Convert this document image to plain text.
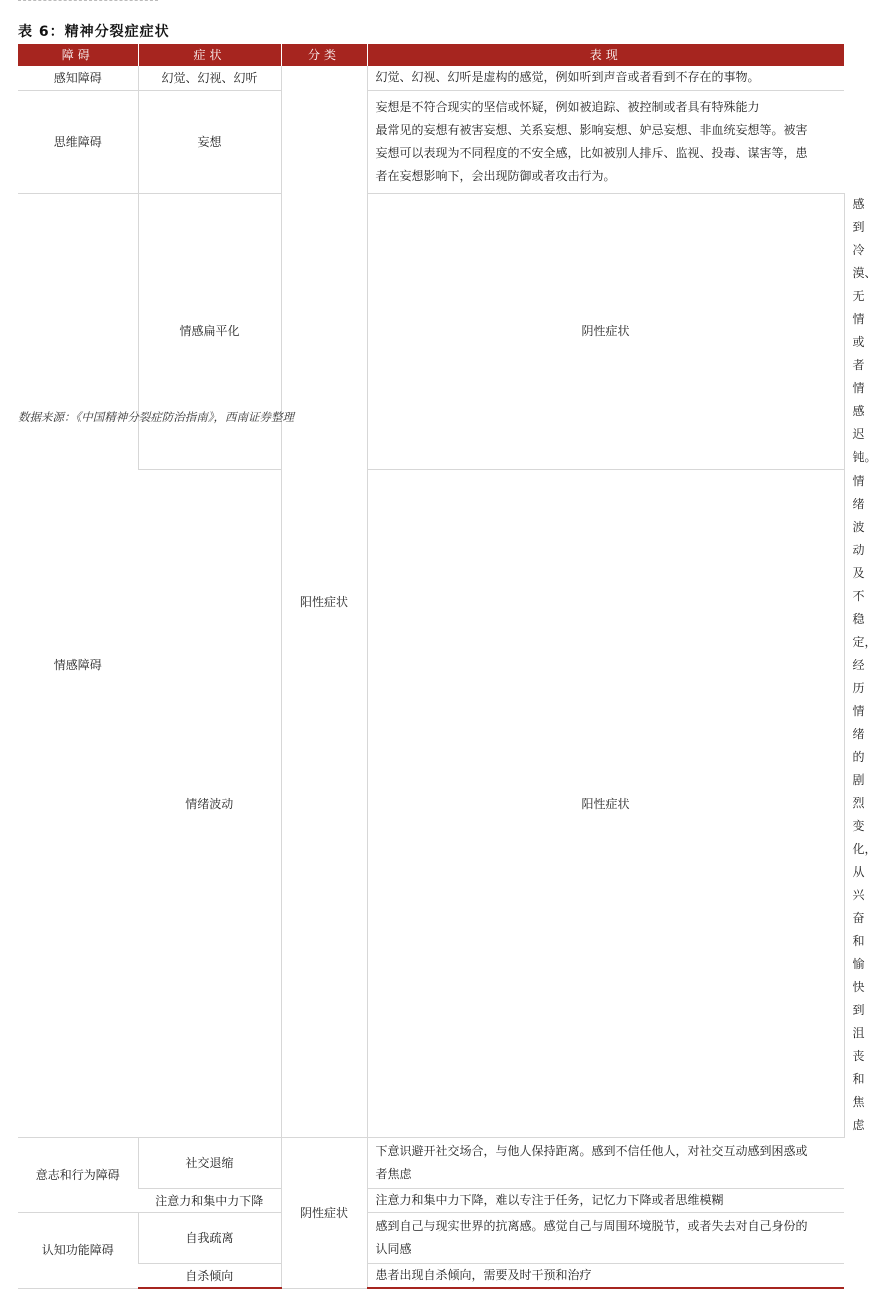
表 6：精神分裂症症状
障碍	症状	分类	表现	
感知障碍	幻觉、幻视、幻听	阳性症状	幻觉、幻视、幻听是虚构的感觉，例如听到声音或者看到不存在的事物。	

思维障碍	妄想		妄想是不符合现实的坚信或怀疑，例如被追踪、被控制或者具有特殊能力
最常见的妄想有被害妄想、关系妄想、影响妄想、妒忌妄想、非血统妄想等。被害
妄想可以表现为不同程度的不安全感，比如被别人排斥、监视、投毒、谋害等，患
者在妄想影响下，会出现防御或者攻击行为。	

情感障碍	情感扁平化		阴性症状	感到冷漠、无情或者情感迟钝。

	情绪波动		阳性症状	情绪波动及不稳定，经历情绪的剧烈变化，从兴奋和愉快到沮丧和焦虑

意志和行为障碍	社交退缩	阴性症状	下意识避开社交场合，与他人保持距离。感到不信任他人，对社交互动感到困惑或
者焦虑	

	注意力和集中力下降		注意力和集中力下降，难以专注于任务，记忆力下降或者思维模糊	

认知功能障碍	自我疏离		感到自己与现实世界的抗离感。感觉自己与周围环境脱节，或者失去对自己身份的
认同感	

	自杀倾向		患者出现自杀倾向，需要及时干预和治疗	
数据来源：《中国精神分裂症防治指南》，西南证券整理
